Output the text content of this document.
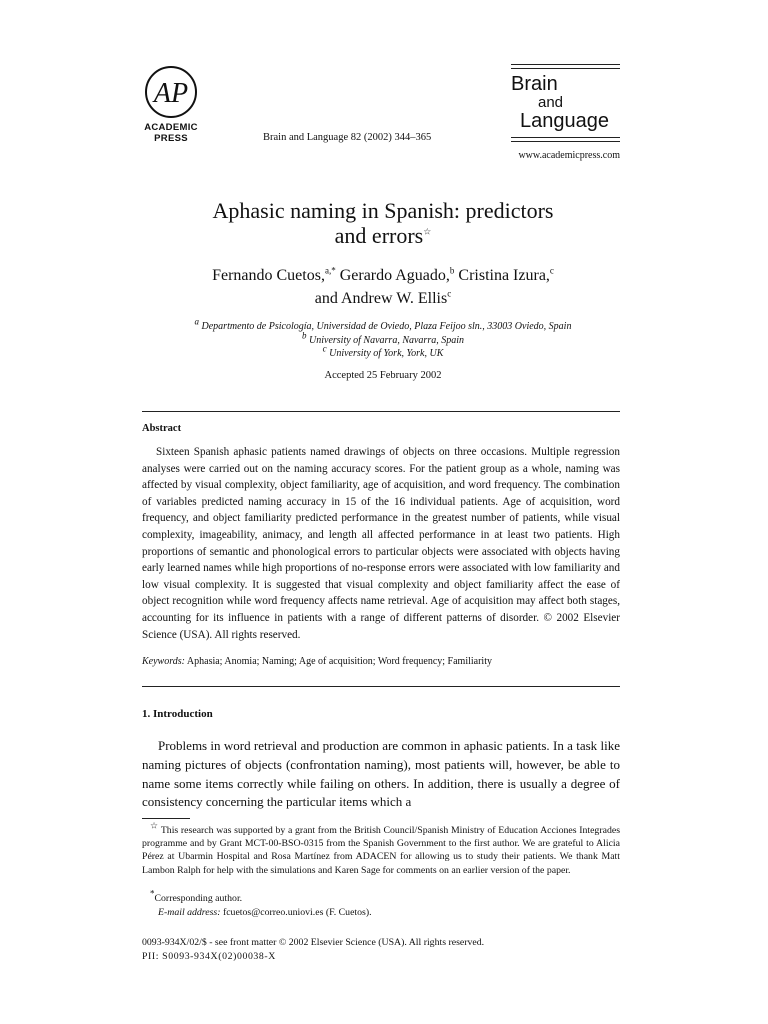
AP
ACADEMIC
PRESS	Brain and Language 82 (2002) 344–365
Brain
and
Language
www.academicpress.com
Aphasic naming in Spanish: predictors
and errors☆
Fernando Cuetos,$^{a,*}$ Gerardo Aguado,$^b$ Cristina Izura,$^c$
and Andrew W. Ellis$^c$
$^a$ Departmento de Psicología, Universidad de Oviedo, Plaza Feijoo sln., 33003 Oviedo, Spain
$^b$ University of Navarra, Navarra, Spain
$^c$ University of York, York, UK
Accepted 25 February 2002
Abstract

Sixteen Spanish aphasic patients named drawings of objects on three occasions. Multiple regression analyses were carried out on the naming accuracy scores. For the patient group as a whole, naming was affected by visual complexity, object familiarity, age of acquisition, and word frequency. The combination of variables predicted naming accuracy in 15 of the 16 individual patients. Age of acquisition, word frequency, and object familiarity predicted performance in the greatest number of patients, while visual complexity, imageability, animacy, and length all affected performance in at least two patients. High proportions of semantic and phonological errors to particular objects were associated with objects having early learned names while high proportions of no-response errors were associated with low familiarity and low visual complexity. It is suggested that visual complexity and object familiarity affect the ease of object recognition while word frequency affects name retrieval. Age of acquisition may affect both stages, accounting for its influence in patients with a range of different patterns of disorder. © 2002 Elsevier Science (USA). All rights reserved.

Keywords: Aphasia; Anomia; Naming; Age of acquisition; Word frequency; Familiarity
1. Introduction

Problems in word retrieval and production are common in aphasic patients. In a task like naming pictures of objects (confrontation naming), most patients will, however, be able to name some items correctly while failing on others. In addition, there is usually a degree of consistency concerning the particular items which a

☆ This research was supported by a grant from the British Council/Spanish Ministry of Education Acciones Integrades programme and by Grant MCT-00-BSO-0315 from the Spanish Government to the first author. We are grateful to Alicia Pérez at Ubarmin Hospital and Rosa Martínez from ADACEN for allowing us to study their patients. We thank Matt Lambon Ralph for help with the simulations and Karen Sage for comments on an earlier version of the paper.

*Corresponding author.
E-mail address: fcuetos@correo.uniovi.es (F. Cuetos).
0093-934X/02/$ - see front matter © 2002 Elsevier Science (USA). All rights reserved.
PII: S0093-934X(02)00038-X
